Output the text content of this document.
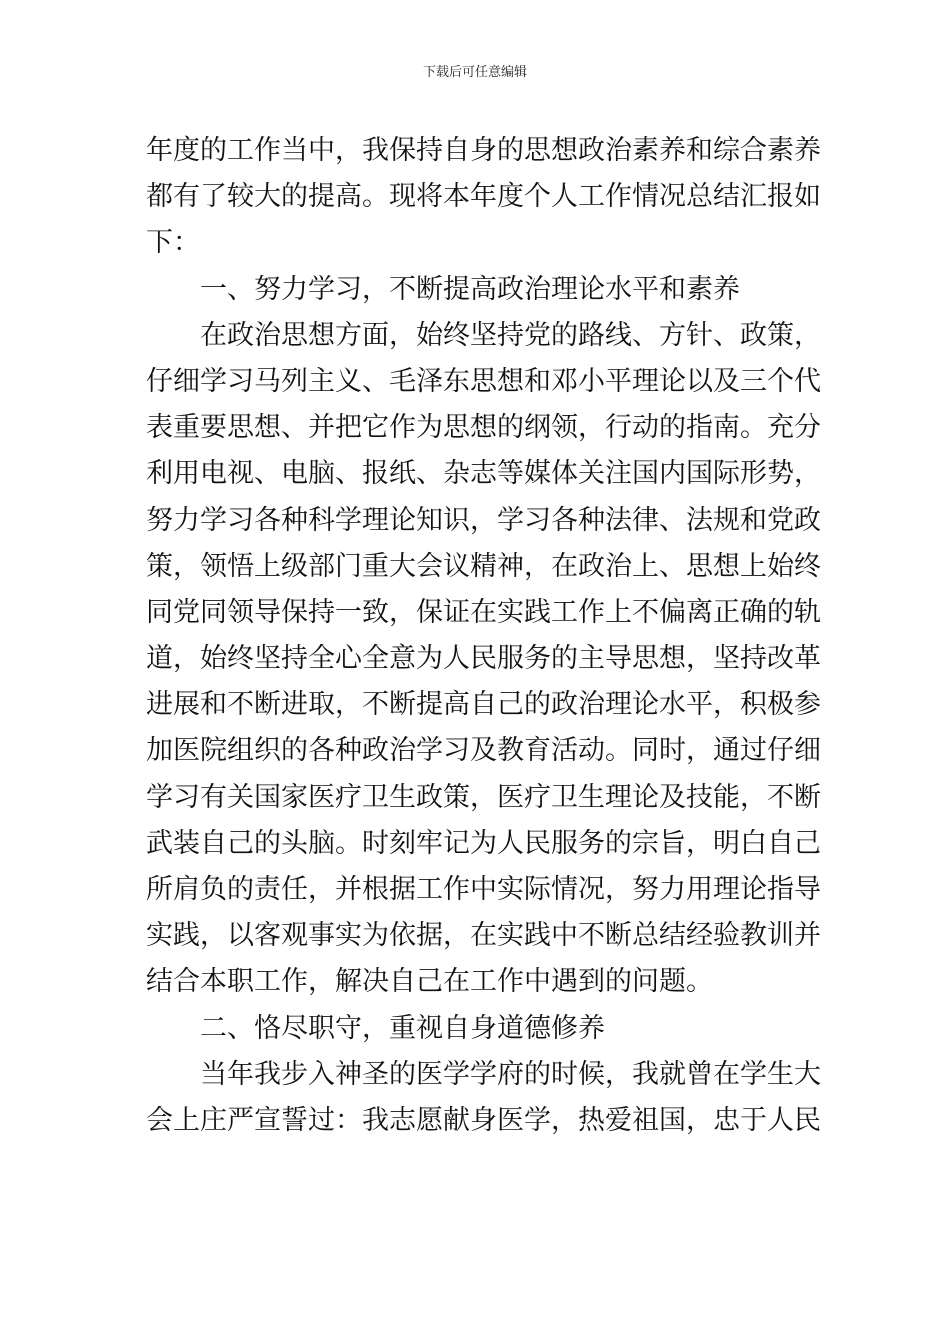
下载后可任意编辑
年度的工作当中，我保持自身的思想政治素养和综合素养
都有了较大的提高。现将本年度个人工作情况总结汇报如
下：
一、努力学习，不断提高政治理论水平和素养
在政治思想方面，始终坚持党的路线、方针、政策，
仔细学习马列主义、毛泽东思想和邓小平理论以及三个代
表重要思想、并把它作为思想的纲领，行动的指南。充分
利用电视、电脑、报纸、杂志等媒体关注国内国际形势，
努力学习各种科学理论知识，学习各种法律、法规和党政
策，领悟上级部门重大会议精神，在政治上、思想上始终
同党同领导保持一致，保证在实践工作上不偏离正确的轨
道，始终坚持全心全意为人民服务的主导思想，坚持改革
进展和不断进取，不断提高自己的政治理论水平，积极参
加医院组织的各种政治学习及教育活动。同时，通过仔细
学习有关国家医疗卫生政策，医疗卫生理论及技能，不断
武装自己的头脑。时刻牢记为人民服务的宗旨，明白自己
所肩负的责任，并根据工作中实际情况，努力用理论指导
实践，以客观事实为依据，在实践中不断总结经验教训并
结合本职工作，解决自己在工作中遇到的问题。
二、恪尽职守，重视自身道德修养
当年我步入神圣的医学学府的时候，我就曾在学生大
会上庄严宣誓过：我志愿献身医学，热爱祖国，忠于人民
